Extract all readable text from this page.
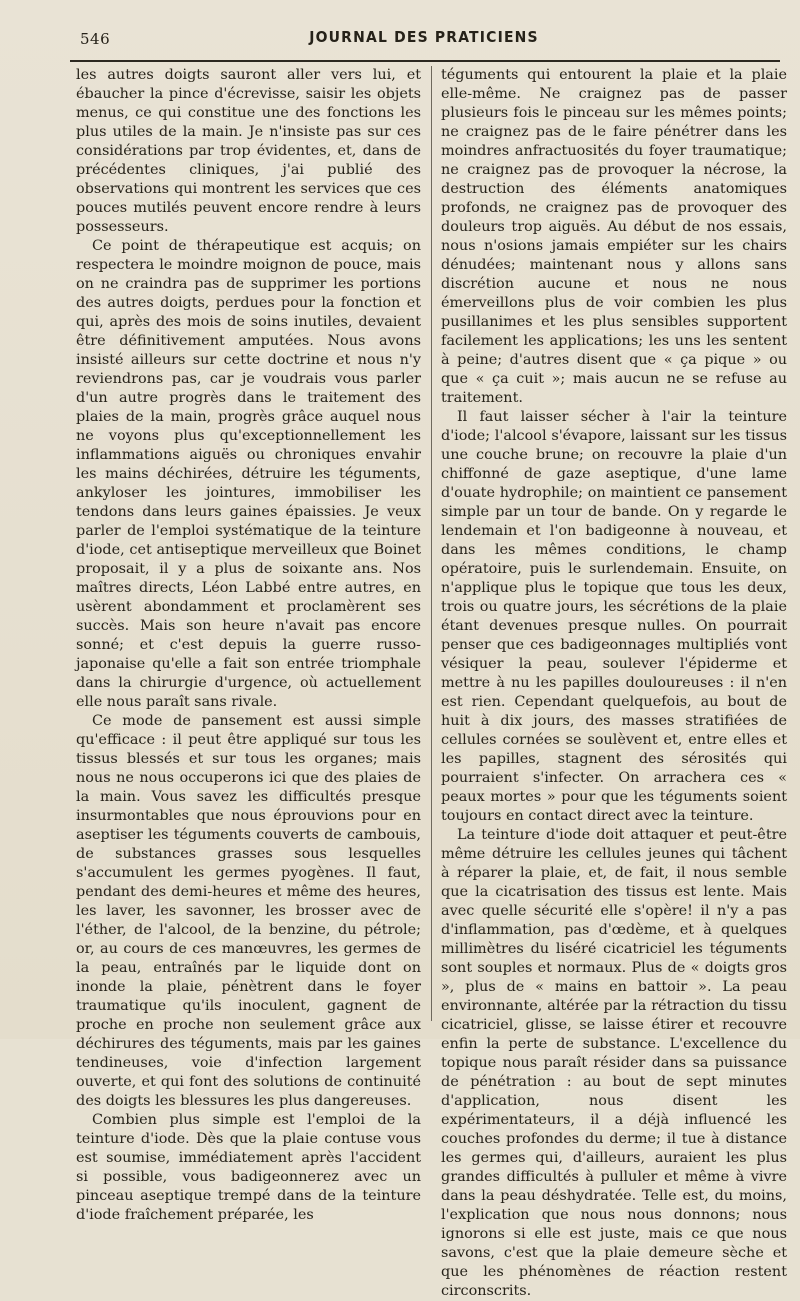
546	JOURNAL DES PRATICIENS

les autres doigts sauront aller vers lui, et ébaucher la pince d'écrevisse, saisir les objets menus, ce qui constitue une des fonctions les plus utiles de la main. Je n'insiste pas sur ces considérations par trop évidentes, et, dans de précédentes cliniques, j'ai publié des observations qui montrent les services que ces pouces mutilés peuvent encore rendre à leurs possesseurs.

Ce point de thérapeutique est acquis; on respectera le moindre moignon de pouce, mais on ne craindra pas de supprimer les portions des autres doigts, perdues pour la fonction et qui, après des mois de soins inutiles, devaient être définitivement amputées. Nous avons insisté ailleurs sur cette doctrine et nous n'y reviendrons pas, car je voudrais vous parler d'un autre progrès dans le traitement des plaies de la main, progrès grâce auquel nous ne voyons plus qu'exceptionnellement les inflammations aiguës ou chroniques envahir les mains déchirées, détruire les téguments, ankyloser les jointures, immobiliser les tendons dans leurs gaines épaissies. Je veux parler de l'emploi systématique de la teinture d'iode, cet antiseptique merveilleux que Boinet proposait, il y a plus de soixante ans. Nos maîtres directs, Léon Labbé entre autres, en usèrent abondamment et proclamèrent ses succès. Mais son heure n'avait pas encore sonné; et c'est depuis la guerre russo-japonaise qu'elle a fait son entrée triomphale dans la chirurgie d'urgence, où actuellement elle nous paraît sans rivale.

Ce mode de pansement est aussi simple qu'efficace : il peut être appliqué sur tous les tissus blessés et sur tous les organes; mais nous ne nous occuperons ici que des plaies de la main. Vous savez les difficultés presque insurmontables que nous éprouvions pour en aseptiser les téguments couverts de cambouis, de substances grasses sous lesquelles s'accumulent les germes pyogènes. Il faut, pendant des demi-heures et même des heures, les laver, les savonner, les brosser avec de l'éther, de l'alcool, de la benzine, du pétrole; or, au cours de ces manœuvres, les germes de la peau, entraînés par le liquide dont on inonde la plaie, pénètrent dans le foyer traumatique qu'ils inoculent, gagnent de proche en proche non seulement grâce aux déchirures des téguments, mais par les gaines tendineuses, voie d'infection largement ouverte, et qui font des solutions de continuité des doigts les blessures les plus dangereuses.

Combien plus simple est l'emploi de la teinture d'iode. Dès que la plaie contuse vous est soumise, immédiatement après l'accident si possible, vous badigeonnerez avec un pinceau aseptique trempé dans de la teinture d'iode fraîchement préparée, les

téguments qui entourent la plaie et la plaie elle-même. Ne craignez pas de passer plusieurs fois le pinceau sur les mêmes points; ne craignez pas de le faire pénétrer dans les moindres anfractuosités du foyer traumatique; ne craignez pas de provoquer la nécrose, la destruction des éléments anatomiques profonds, ne craignez pas de provoquer des douleurs trop aiguës. Au début de nos essais, nous n'osions jamais empiéter sur les chairs dénudées; maintenant nous y allons sans discrétion aucune et nous ne nous émerveillons plus de voir combien les plus pusillanimes et les plus sensibles supportent facilement les applications; les uns les sentent à peine; d'autres disent que « ça pique » ou que « ça cuit »; mais aucun ne se refuse au traitement.

Il faut laisser sécher à l'air la teinture d'iode; l'alcool s'évapore, laissant sur les tissus une couche brune; on recouvre la plaie d'un chiffonné de gaze aseptique, d'une lame d'ouate hydrophile; on maintient ce pansement simple par un tour de bande. On y regarde le lendemain et l'on badigeonne à nouveau, et dans les mêmes conditions, le champ opératoire, puis le surlendemain. Ensuite, on n'applique plus le topique que tous les deux, trois ou quatre jours, les sécrétions de la plaie étant devenues presque nulles. On pourrait penser que ces badigeonnages multipliés vont vésiquer la peau, soulever l'épiderme et mettre à nu les papilles douloureuses : il n'en est rien. Cependant quelquefois, au bout de huit à dix jours, des masses stratifiées de cellules cornées se soulèvent et, entre elles et les papilles, stagnent des sérosités qui pourraient s'infecter. On arrachera ces « peaux mortes » pour que les téguments soient toujours en contact direct avec la teinture.

La teinture d'iode doit attaquer et peut-être même détruire les cellules jeunes qui tâchent à réparer la plaie, et, de fait, il nous semble que la cicatrisation des tissus est lente. Mais avec quelle sécurité elle s'opère! il n'y a pas d'inflammation, pas d'œdème, et à quelques millimètres du liséré cicatriciel les téguments sont souples et normaux. Plus de « doigts gros », plus de « mains en battoir ». La peau environnante, altérée par la rétraction du tissu cicatriciel, glisse, se laisse étirer et recouvre enfin la perte de substance. L'excellence du topique nous paraît résider dans sa puissance de pénétration : au bout de sept minutes d'application, nous disent les expérimentateurs, il a déjà influencé les couches profondes du derme; il tue à distance les germes qui, d'ailleurs, auraient les plus grandes difficultés à pulluler et même à vivre dans la peau déshydratée. Telle est, du moins, l'explication que nous nous donnons; nous ignorons si elle est juste, mais ce que nous savons, c'est que la plaie demeure sèche et que les phénomènes de réaction restent circonscrits.
